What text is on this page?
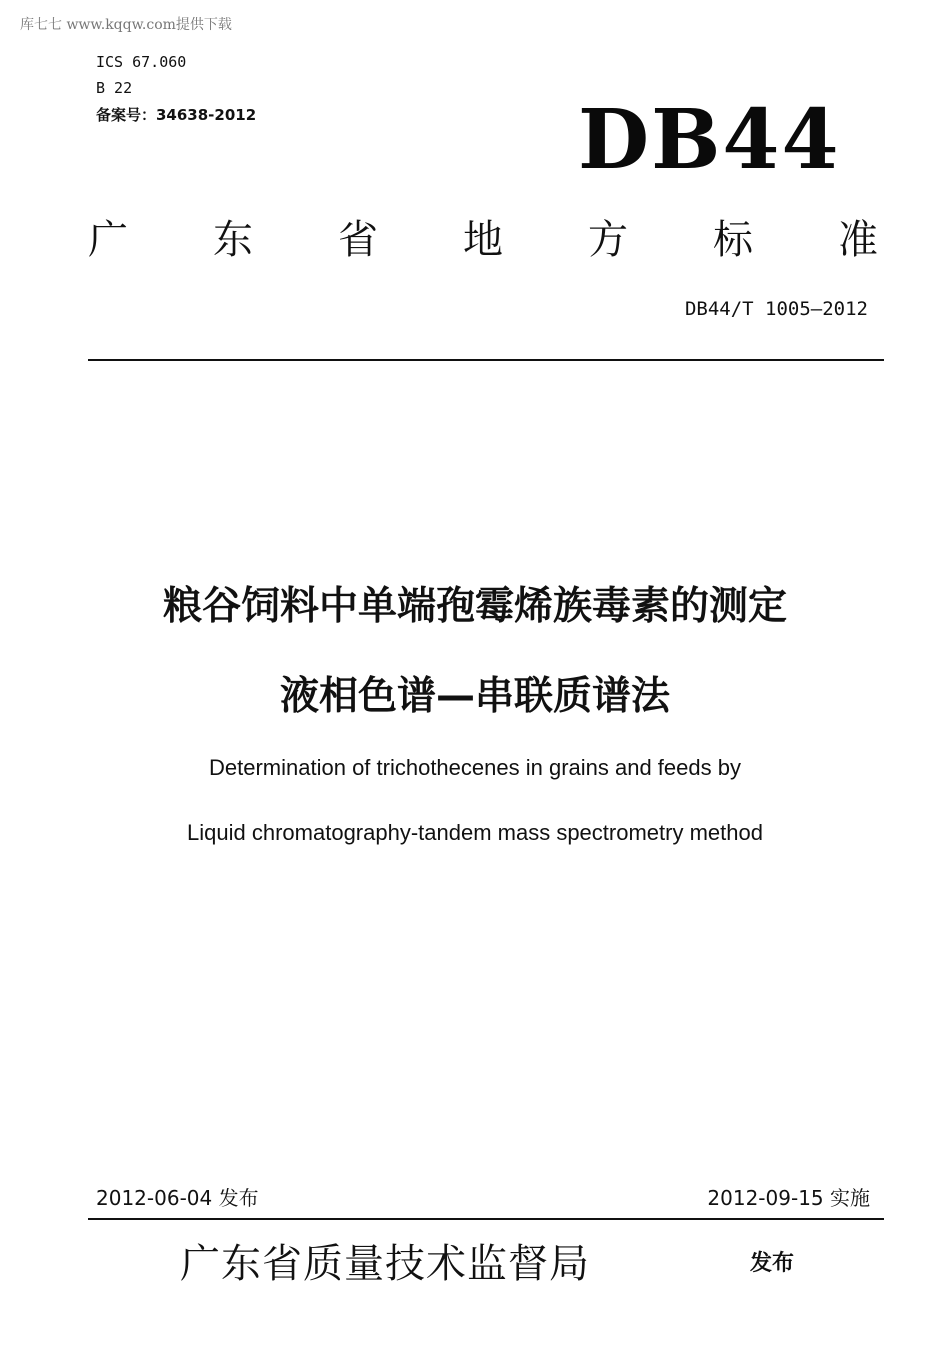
库七七 www.kqqw.com提供下载
ICS 67.060
B 22
备案号：34638-2012	DB44
广 东 省 地 方 标 准
DB44/T 1005—2012
粮谷饲料中单端孢霉烯族毒素的测定
液相色谱—串联质谱法
Determination of trichothecenes in grains and feeds by
Liquid chromatography-tandem mass spectrometry method
2012-06-04 发布	2012-09-15 实施
广东省质量技术监督局	发布
